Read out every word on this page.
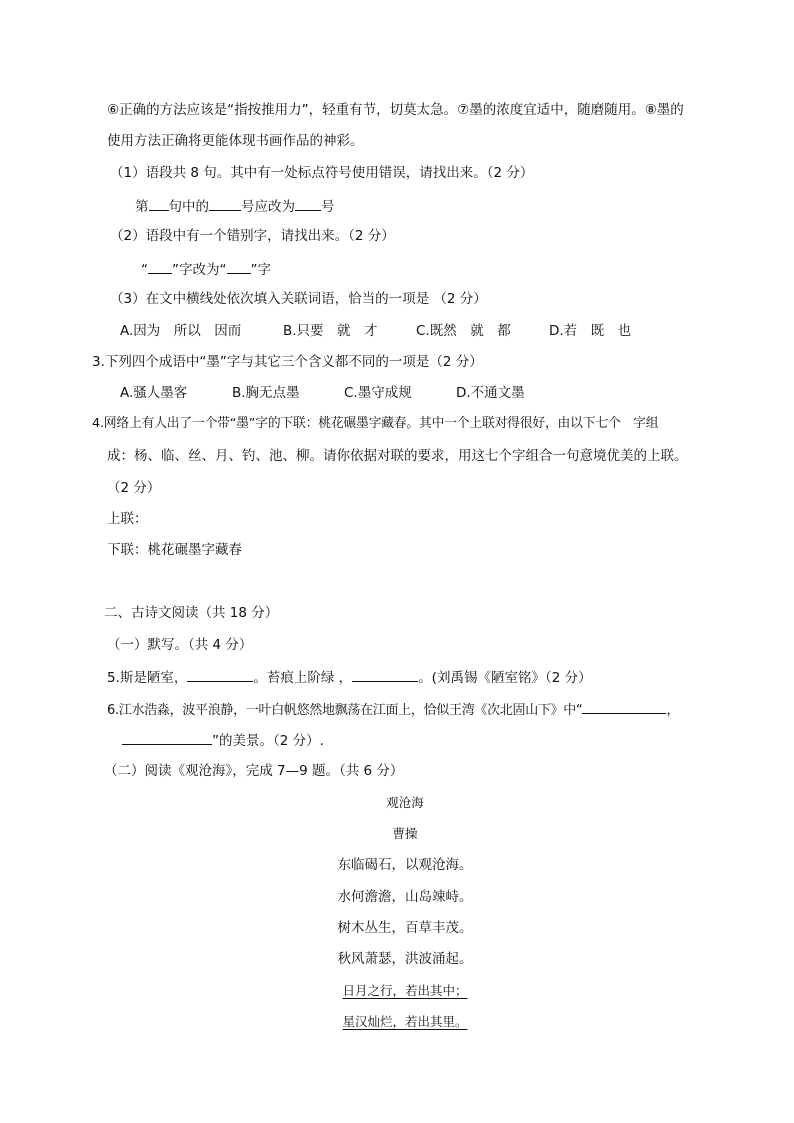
⑥正确的方法应该是“指按推用力”，轻重有节，切莫太急。⑦墨的浓度宜适中，随磨随用。⑧墨的
使用方法正确将更能体现书画作品的神彩。
（1）语段共 8 句。其中有一处标点符号使用错误，请找出来。（2 分）
第 句中的 号应改为 号
（2）语段中有一个错别字，请找出来。（2 分）
“ ”字改为“ ”字
（3）在文中横线处依次填入关联词语，恰当的一项是 （2 分）
A.因为　所以　因而	B.只要　就　才	C.既然　就　都	D.若　既　也
3.下列四个成语中“墨”字与其它三个含义都不同的一项是（2 分）
A.骚人墨客	B.胸无点墨	C.墨守成规	D.不通文墨
4.网络上有人出了一个带“墨”字的下联：桃花碾墨字藏春。其中一个上联对得很好，由以下七个　字组
成：杨、临、丝、月、钓、池、柳。请你依据对联的要求，用这七个字组合一句意境优美的上联。
（2 分）
上联：
下联：桃花碾墨字藏春
二、古诗文阅读（共 18 分）
（一）默写。（共 4 分）
5.斯是陋室，	。苔痕上阶绿 ，	。(刘禹锡《陋室铭》（2 分）
6.江水浩淼，波平浪静，一叶白帆悠然地飘荡在江面上，恰似王湾《次北固山下》中“	，
”的美景。（2 分）.
（二）阅读《观沧海》，完成 7—9 题。（共 6 分）
观沧海
曹操
东临碣石，以观沧海。
水何澹澹，山岛竦峙。
树木丛生，百草丰茂。
秋风萧瑟，洪波涌起。
日月之行，若出其中；
星汉灿烂，若出其里。
